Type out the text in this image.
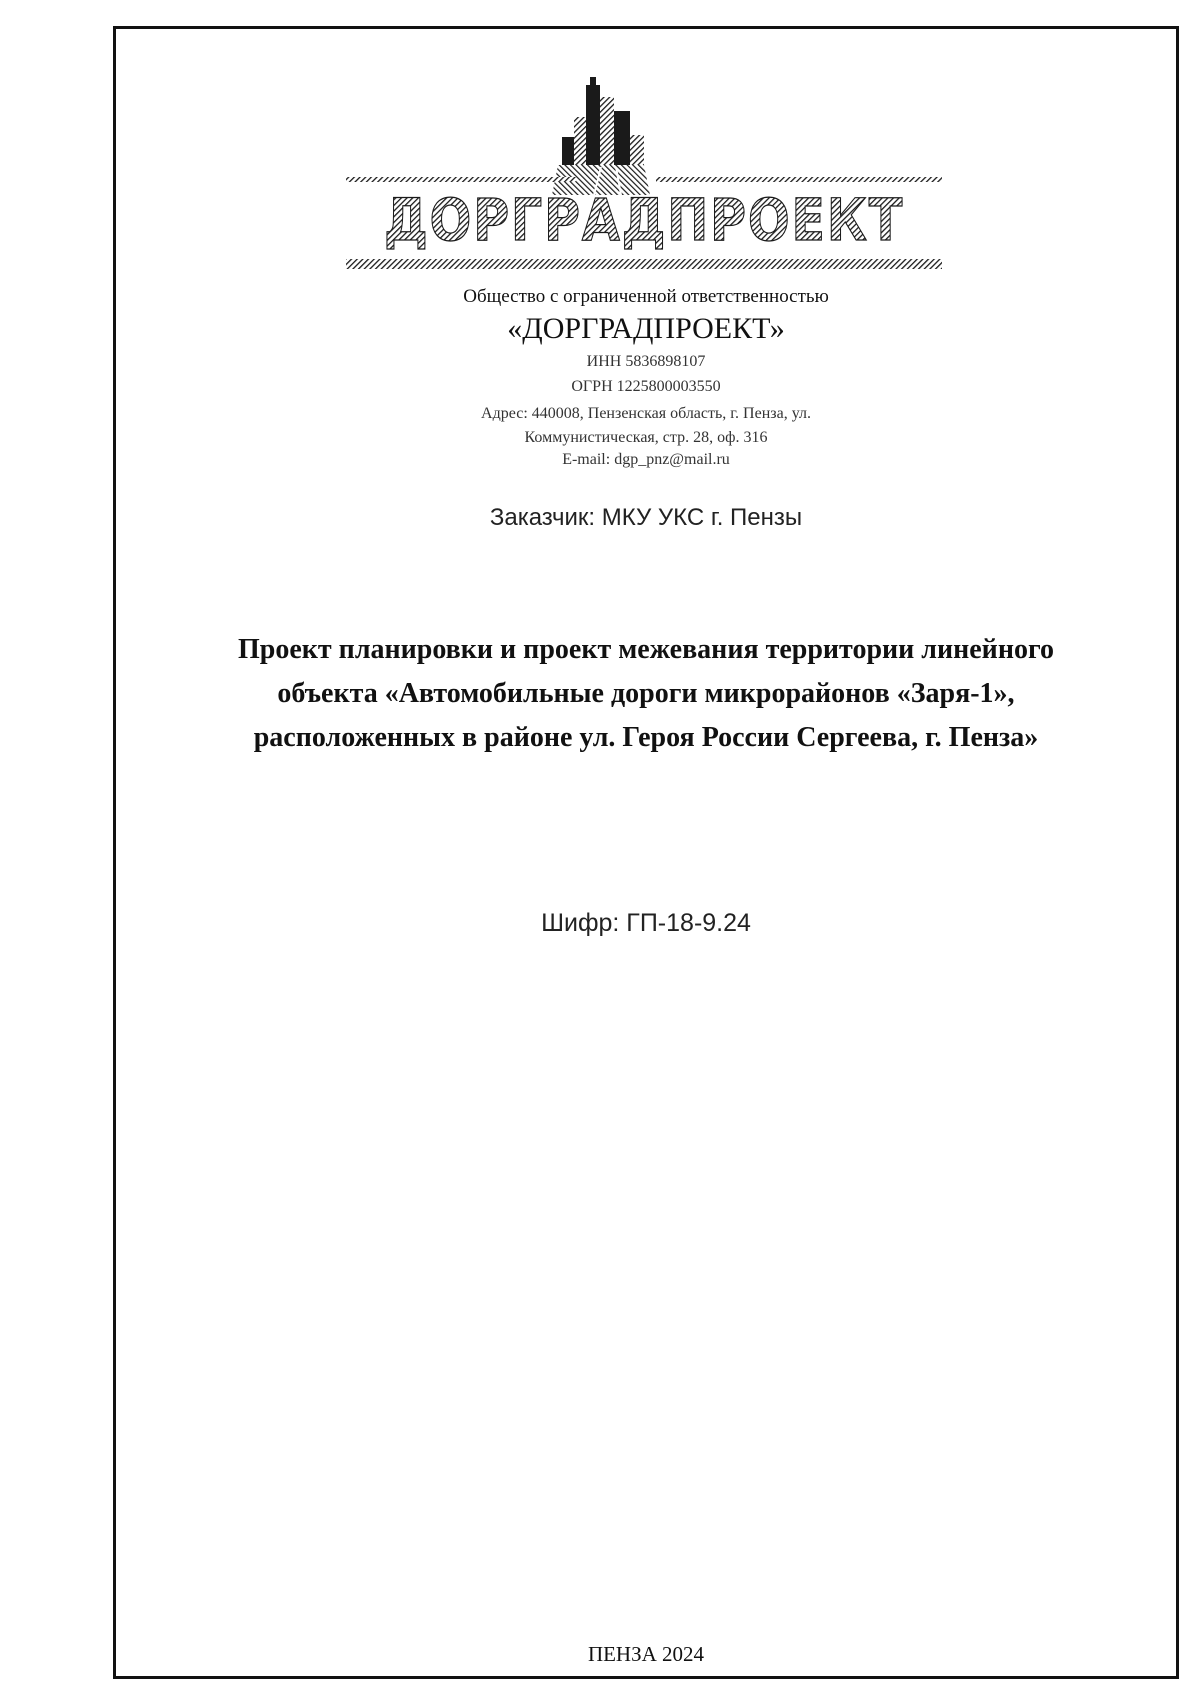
ДОРГРАДПРОЕКТ
Общество с ограниченной ответственностью
«ДОРГРАДПРОЕКТ»
ИНН 5836898107
ОГРН 1225800003550
Адрес: 440008, Пензенская область, г. Пенза, ул.
Коммунистическая, стр. 28, оф. 316
E-mail: dgp_pnz@mail.ru
Заказчик: МКУ УКС г. Пензы
Проект планировки и проект межевания территории линейного
объекта «Автомобильные дороги микрорайонов «Заря-1»,
расположенных в районе ул. Героя России Сергеева, г. Пенза»
Шифр: ГП-18-9.24
ПЕНЗА 2024
